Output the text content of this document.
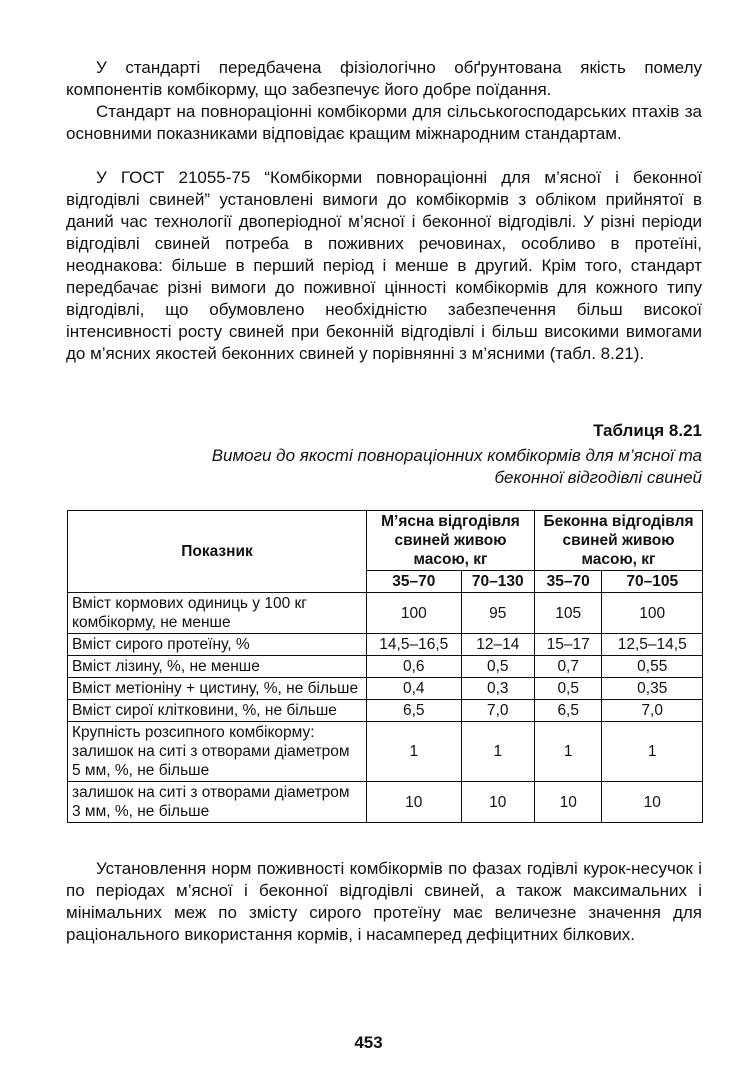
У стандарті передбачена фізіологічно обґрунтована якість помелу компонентів комбікорму, що забезпечує його добре поїдання.

Стандарт на повнораціонні комбікорми для сільськогосподарських птахів за основними показниками відповідає кращим міжнародним стандартам.

У ГОСТ 21055-75 “Комбікорми повнораціонні для м’ясної і беконної відгодівлі свиней” установлені вимоги до комбікормів з обліком прийнятої в даний час технології двоперіодної м’ясної і беконної відгодівлі. У різні періоди відгодівлі свиней потреба в поживних речовинах, особливо в протеїні, неоднакова: більше в перший період і менше в другий. Крім того, стандарт передбачає різні вимоги до поживної цінності комбікормів для кожного типу відгодівлі, що обумовлено необхідністю забезпечення більш високої інтенсивності росту свиней при беконній відгодівлі і більш високими вимогами до м’ясних якостей беконних свиней у порівнянні з м’ясними (табл. 8.21).

Таблиця 8.21

Вимоги до якості повнораціонних комбікормів для м’ясної та беконної відгодівлі свиней

Показник	М’ясна відгодівля свиней живою масою, кг		Беконна відгодівля свиней живою масою, кг	
	35–70	70–130	35–70	70–105
Вміст кормових одиниць у 100 кг комбікорму, не менше	100	95	105	100
Вміст сирого протеїну, %	14,5–16,5	12–14	15–17	12,5–14,5
Вміст лізину, %, не менше	0,6	0,5	0,7	0,55
Вміст метіоніну + цистину, %, не більше	0,4	0,3	0,5	0,35
Вміст сирої клітковини, %, не більше	6,5	7,0	6,5	7,0
Крупність розсипного комбікорму: залишок на ситі з отворами діаметром 5 мм, %, не більше	1	1	1	1
залишок на ситі з отворами діаметром 3 мм, %, не більше	10	10	10	10

Установлення норм поживності комбікормів по фазах годівлі курок-несучок і по періодах м’ясної і беконної відгодівлі свиней, а також максимальних і мінімальних меж по змісту сирого протеїну має величезне значення для раціонального використання кормів, і насамперед дефіцитних білкових.

453
